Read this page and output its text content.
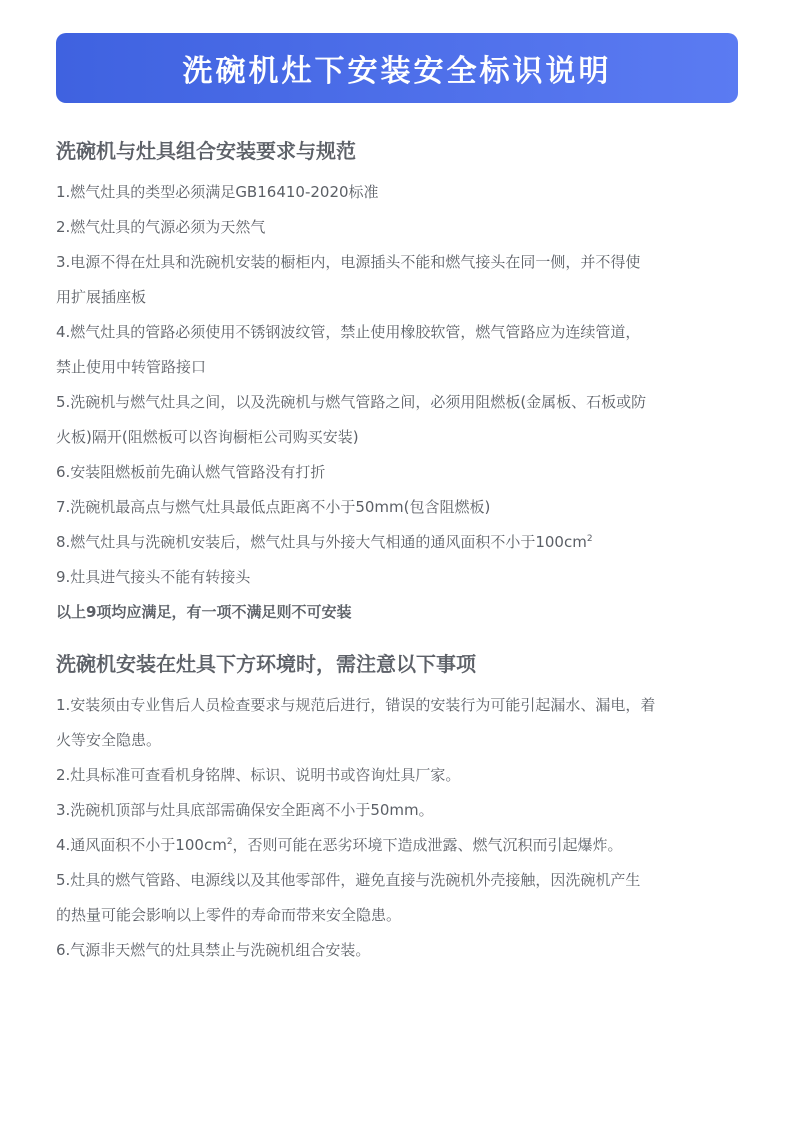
洗碗机灶下安装安全标识说明
洗碗机与灶具组合安装要求与规范

1.燃气灶具的类型必须满足GB16410-2020标准

2.燃气灶具的气源必须为天然气

3.电源不得在灶具和洗碗机安装的橱柜内，电源插头不能和燃气接头在同一侧，并不得使

用扩展插座板

4.燃气灶具的管路必须使用不锈钢波纹管，禁止使用橡胶软管，燃气管路应为连续管道，

禁止使用中转管路接口

5.洗碗机与燃气灶具之间，以及洗碗机与燃气管路之间，必须用阻燃板(金属板、石板或防

火板)隔开(阻燃板可以咨询橱柜公司购买安装)

6.安装阻燃板前先确认燃气管路没有打折

7.洗碗机最高点与燃气灶具最低点距离不小于50mm(包含阻燃板)

8.燃气灶具与洗碗机安装后，燃气灶具与外接大气相通的通风面积不小于$100cm^2$

9.灶具进气接头不能有转接头

以上9项均应满足，有一项不满足则不可安装

洗碗机安装在灶具下方环境时，需注意以下事项

1.安装须由专业售后人员检查要求与规范后进行，错误的安装行为可能引起漏水、漏电，着

火等安全隐患。

2.灶具标准可查看机身铭牌、标识、说明书或咨询灶具厂家。

3.洗碗机顶部与灶具底部需确保安全距离不小于50mm。

4.通风面积不小于$100cm^2$，否则可能在恶劣环境下造成泄露、燃气沉积而引起爆炸。

5.灶具的燃气管路、电源线以及其他零部件，避免直接与洗碗机外壳接触，因洗碗机产生

的热量可能会影响以上零件的寿命而带来安全隐患。

6.气源非天燃气的灶具禁止与洗碗机组合安装。
